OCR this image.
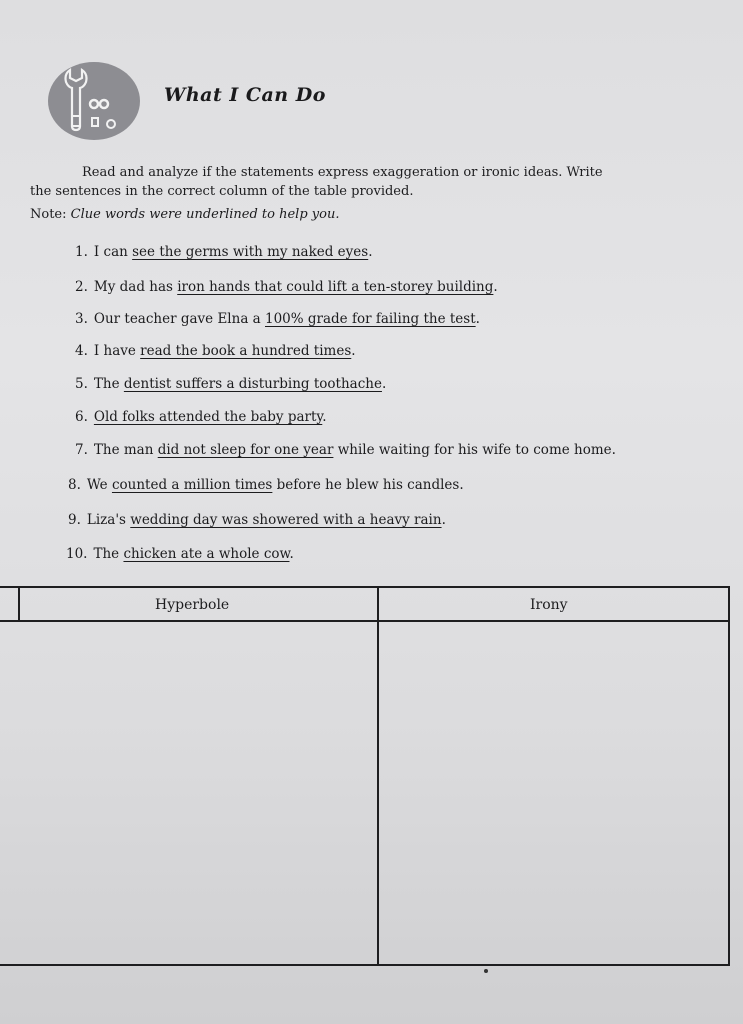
What I Can Do
Read and analyze if the statements express exaggeration or ironic ideas. Write
the sentences in the correct column of the table provided.
Note: Clue words were underlined to help you.
1. I can see the germs with my naked eyes.
2. My dad has iron hands that could lift a ten-storey building.
3. Our teacher gave Elna a 100% grade for failing the test.
4. I have read the book a hundred times.
5. The dentist suffers a disturbing toothache.
6. Old folks attended the baby party.
7. The man did not sleep for one year while waiting for his wife to come home.
8. We counted a million times before he blew his candles.
9. Liza's wedding day was showered with a heavy rain.
10. The chicken ate a whole cow.
Hyperbole	Irony
